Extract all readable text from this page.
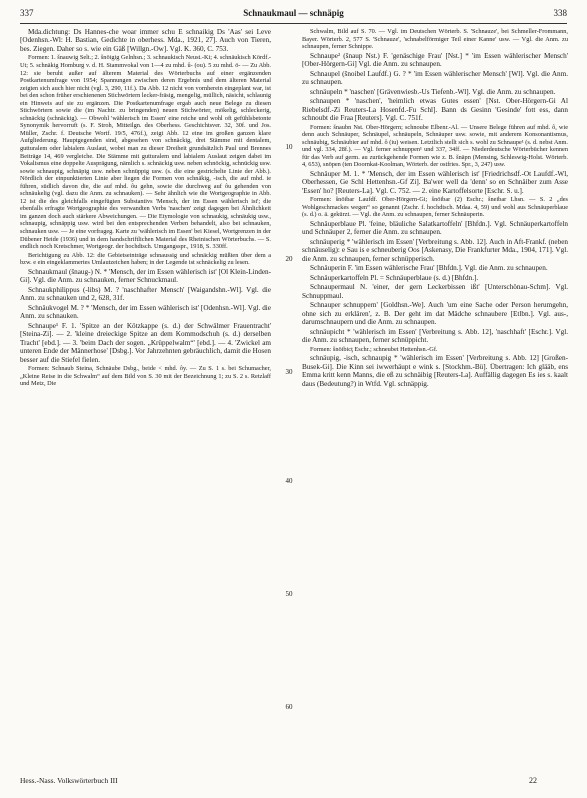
337	Schnaukmaul — schnäpig	338

Mda.dichtung: Ds Hannes-che woar immer schu E schnaikig Ds 'Aas' sei Leve [Odenhsn.-Wl: H. Bastian, Gedichte in oberhess. Mda., 1921, 27]. Auch von Tieren, bes. Ziegen. Daher so s. wie ein Gäß [Willgn.-Ow]. Vgl. K. 360, C. 753.

Formen: 1. šnauwig Selt.; 2. šnöigig Gelnhsn.; 3. schnaukisch Neust.-Ki; 4. schnäukisch Kördf.-Ut; 5. schnäkig Homburg v. d. H. Stammvokal von 1—4 zu mhd. û- (ou). 5 zu mhd. ö- — Zu Abb. 12: sie beruht außer auf älterem Material des Wörterbuchs auf einer ergänzenden Postkartenumfrage von 1954; Spannungen zwischen deren Ergebnis und dem älteren Material zeigten sich auch hier nicht (vgl. 3, 290, 11f.). Da Abb. 12 nicht von vornherein eingeplant war, ist bei den schon früher erschienenen Stichwörtern lecker-fräsig, mengelig, müllich, näsicht, schlaunig ein Hinweis auf sie zu ergänzen. Die Postkartenumfrage ergab auch neue Belege zu diesen Stichwörtern sowie die (im Nachtr. zu bringenden) neuen Stichwörter, mökelig, schleckerig, schnäckig (schnäckig). — Obwohl 'wählerisch im Essen' eine reiche und wohl oft gefühlsbetonte Synonymik hervorruft (s. F. Stroh, Mitteilgn. des Oberhess. Geschichtsver. 32, 30f. und Jos. Müller, Zschr. f. Deutsche Wortf. 19/5, 476f.), zeigt Abb. 12 eine im großen ganzen klare Aufgliederung. Hauptgegenden sind, abgesehen von schnäckig, drei Stämme mit dentalem, gutturalem oder labialem Auslaut, wobei man zu dieser Dreiheit grundsätzlich Paul und Brennes Beiträge 14, 469 vergleiche. Die Stämme mit gutturalem und labialem Auslaut zeigen dabei im Vokalismus eine doppelte Ausprägung, nämlich s. schnäckig usw. neben schnöckig, schnückig usw. sowie schnaupig, schnäpig usw. neben schnüppig usw. (s. die eine gestrichelte Linie der Abb.). Nördlich der einpunktierten Linie aber liegen die Formen von schnäkig, -isch, die auf mhd. ie führen, südlich davon die, die auf mhd. ôu gehn, sowie die durchweg auf ôu gehenden von schnäukelig (vgl. dazu die Anm. zu schnauken). — Sehr ähnlich wie die Wortgeographie in Abb. 12 ist die des gleichfalls eingefügten Substantivs 'Mensch, der im Essen wählerisch ist'; die ebenfalls erfragte Wortgeographie des verwandten Verbs 'naschen' zeigt dagegen bei Ähnlichkeit im ganzen doch auch stärkere Abweichungen. — Die Etymologie von schnaukig, schnäukig usw., schnaupig, schnäppig usw. wird bei den entsprechenden Verben behandelt, also bei schnauken, schnauken usw. — Je eine vorfrageg. Karte zu 'wählerisch im Essen' bei Kiesel, Wortgrenzen in der Dübener Heide (1936) und in dem handschriftlichen Material des Rheinischen Wörterbuchs. — S. endlich noch Kretschmer, Wortgeogr. der hochdtsch. Umgangsspr., 1918, S. 330ff.

Berichtigung zu Abb. 12: die Gebietseinträge schnaussig und schnäckig müßten über dem a bzw. e ein eingeklammertes Umlautzeichen haben; in der Legende ist schnäckelig zu lesen.

Schnaukmaul (šnaug-) N. * 'Mensch, der im Essen wählerisch ist' [Ol Klein-Linden-Gi]. Vgl. die Anm. zu schnauken, ferner Schnuckmaul.

Schnaukphilippus (-libs) M. ? 'naschhafter Mensch' [Waigandshn.-Wl]. Vgl. die Anm. zu schnauken und 2, 628, 31f.

Schnäukvogel M. ? * 'Mensch, der im Essen wählerisch ist' [Odenhsn.-Wl]. Vgl. die Anm. zu schnauken.

Schnaupe¹ F. 1. 'Spitze an der Kötzkappe (s. d.) der Schwälmer Frauentracht' [Steina-Zi]. — 2. 'kleine dreieckige Spitze an dem Kommodschuh (s. d.) derselben Tracht' [ebd.]. — 3. 'beim Dach der sogen. „Krüppelwalm“' [ebd.]. — 4. 'Zwickel am unteren Ende der Männerhose' [Dsbg.]. Vor Jahrzehnten gebräuchlich, damit die Hosen besser auf die Stiefel fielen.

Formen: Schnaub Steina, Schnäube Dsbg., beide < mhd. ôy. — Zu S. 1 s. bei Schumacher, „Kleine Reise in die Schwalm“ auf dem Bild von S. 30 mit der Bezeichnung 1; zu S. 2 s. Retzlaff und Metz, Die

10
20
30
40
50
60

Schwalm, Bild auf S. 70. — Vgl. im Deutschen Wörterb. S. 'Schnauze', bei Schmeller-Frommann, Bayer. Wörterb. 2, 577 S. 'Schnauze', 'schnabelförmiger Teil einer Kanne' usw. — Vgl. die Anm. zu schnaupen, ferner Schnippe.

Schnaupe² (šnaup Nst.) F. 'genäschige Frau' [Nst.] * 'im Essen wählerischer Mensch' [Ober-Hörgern-Gi] Vgl. die Anm. zu schnaupen.

Schnaupel (šnoibel Laufdf.) G. ? * 'im Essen wählerischer Mensch' [Wl]. Vgl. die Anm. zu schnaupen.

schnäupeln * 'naschen' [Grävenwiesb.-Us Tiefenb.-Wl]. Vgl. die Anm. zu schnaupen.

schnaupen * 'naschen', 'heimlich etwas Gutes essen' [Nst. Ober-Hörgern-Gi Al Riebelsdf.-Zi Reuters-La Hosenfd.-Fu Schl]. Bann ds Gesinn 'Gesinde' fott ess, dann schnoubt die Fraa [Reuters]. Vgl. C. 751f.

Formen: šnaubn Nst. Ober-Hörgern; schnoube Elbenr.-Al. — Unsere Belege führen auf mhd. ô, wie denn auch Schnäuper, Schnäupel, schnäupeln, Schnäuper usw. sowie, mit anderem Konsonantismus, schnäubig, Schnäubier auf mhd. ô (iu) weisen. Letztlich stellt sich s. wohl zu Schnaupe¹ (s. d. nebst Anm. und vgl. 334, 28f.). — Vgl. ferner schnuppen¹ und 337, 34ff. — Niederdeutsche Wörterbücher kennen für das Verb auf germ. au zurückgehende Formen wie z. B. šnäpn (Mensing, Schleswig-Holst. Wörterb. 4, 653), snöpen (ten Doornkat-Koolman, Wörterb. der ostfries. Spr., 3, 247) usw.

Schnäuper M. 1. * 'Mensch, der im Essen wählerisch ist' [Friedrichsdf.-Ot Laufdf.-Wl, Oberhessen, Ge Schl Hettenhsn.-Gf Zi]. Ba'wer well da 'denn' so en Schnäiber zum Asse 'Essen' ho? [Reuters-La]. Vgl. C. 752. — 2. eine Kartoffelsorte [Eschr. S. u.].

Formen: šnöibar Laufdf. Ober-Hörgern-Gi; šnöibar (2) Eschr.; šneibar Lhsn. — S. 2 „des Wohlgeschmackes wegen“ so genannt (Zschr. f. hochdtsch. Mdaa. 4, 59) und wohl aus Schnäuperblaue (s. d.) o. ä. gekürzt. — Vgl. die Anm. zu schnaupen, ferner Schnäuperin.

Schnäuperblaue Pl. 'feine, bläuliche Salatkartoffeln' [Bhfdn.]. Vgl. Schnäuperkartoffeln und Schnäuper 2, ferner die Anm. zu schnaupen.

schnäuperig * 'wählerisch im Essen' [Verbreitung s. Abb. 12]. Auch in Aft-Frankf. (neben schnäuselig): e Sau is e schneuberig Oos [Askenasy, Die Frankfurter Mda., 1904, 171]. Vgl. die Anm. zu schnaupen, ferner schnüpperisch.

Schnäuperin F. 'im Essen wählerische Frau' [Bhfdn.]. Vgl. die Anm. zu schnaupen.

Schnäuperkartoffeln Pl. = Schnäuperblaue (s. d.) [Bhfdn.].

Schnaupermaul N. 'einer, der gern Leckerbissen ißt' [Unterschönau-Schm]. Vgl. Schnuppmaul.

Schnauper schnuppern' [Goldhsn.-We]. Auch 'um eine Sache oder Person herumgehn, ohne sich zu erklären', z. B. Der geht im dat Mädche schnaubere [Etlbn.]. Vgl. aus-, darumschnaupern und die Anm. zu schnaupen.

schnäupicht * 'wählerisch im Essen' [Verbreitung s. Abb. 12], 'naschhaft' [Eschr.]. Vgl. die Anm. zu schnaupen, ferner schnüppicht.

Formen: šnöibicţ Eschr.; schneubet Hettenhsn.-Gf.

schnäupig, -isch, schnaupig * 'wählerisch im Essen' [Verbreitung s. Abb. 12] [Großen-Busek-Gi]. Die Kinn sei iwwerhäupt e wink s. [Stockhm.-Bü]. Übertragen: Ich glääb, ens Emma kritt kenn Manns, die eß zu schnäibig [Reuters-La]. Auffällig dagegen Es ies s. kaalt daus (Bedeutung?) in Wtfd. Vgl. schnäppig.

Hess.-Nass. Volkswörterbuch III	22
